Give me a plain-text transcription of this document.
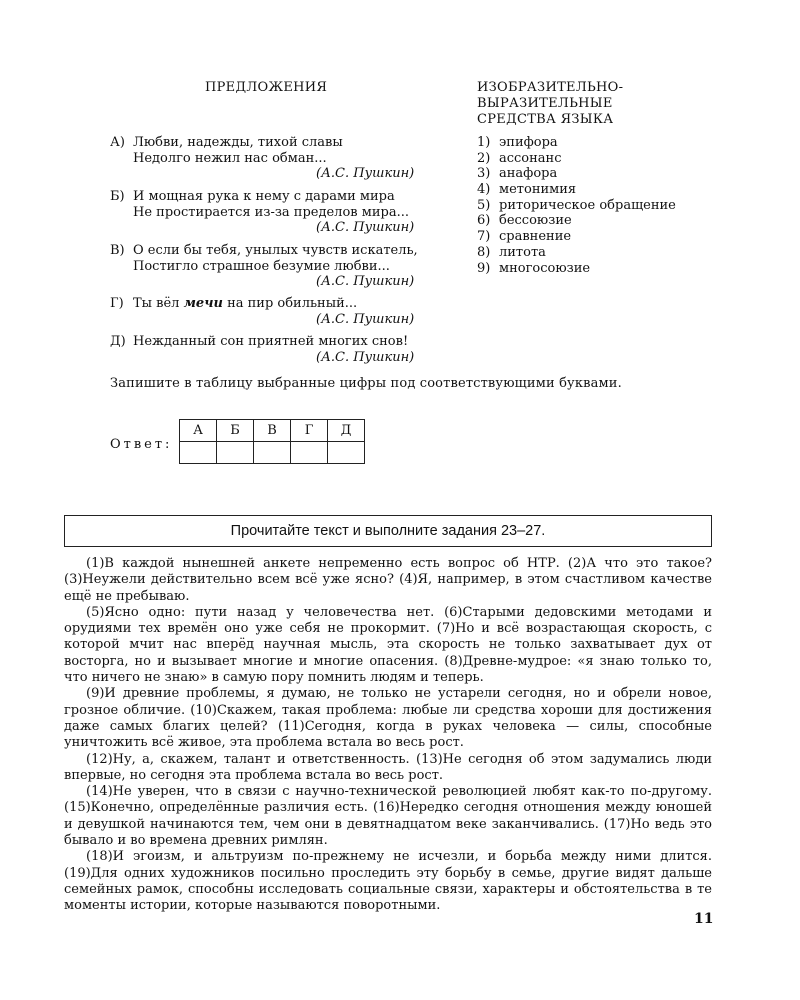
ПРЕДЛОЖЕНИЯ	ИЗОБРАЗИТЕЛЬНО-
ВЫРАЗИТЕЛЬНЫЕ
СРЕДСТВА ЯЗЫКА
А) Любви, надежды, тихой славы
Недолго нежил нас обман...
(А.С. Пушкин)
Б) И мощная рука к нему с дарами мира
Не простирается из-за пределов мира...
(А.С. Пушкин)
В) О если бы тебя, унылых чувств искатель,
Постигло страшное безумие любви...
(А.С. Пушкин)
Г) Ты вёл мечи на пир обильный...
(А.С. Пушкин)
Д) Нежданный сон приятней многих снов!
(А.С. Пушкин)
1) эпифора
2) ассонанс
3) анафора
4) метонимия
5) риторическое обращение
6) бессоюзие
7) сравнение
8) литота
9) многосоюзие
Запишите в таблицу выбранные цифры под соответствующими буквами.
Ответ:
А	Б	В	Г	Д

Прочитайте текст и выполните задания 23–27.

(1)В каждой нынешней анкете непременно есть вопрос об НТР. (2)А что это такое? (3)Неужели действительно всем всё уже ясно? (4)Я, например, в этом счастливом качестве ещё не пребываю.

(5)Ясно одно: пути назад у человечества нет. (6)Старыми дедовскими методами и орудиями тех времён оно уже себя не прокормит. (7)Но и всё возрастающая скорость, с которой мчит нас вперёд научная мысль, эта скорость не только захватывает дух от восторга, но и вызывает многие и многие опасения. (8)Древне-мудрое: «я знаю только то, что ничего не знаю» в самую пору помнить людям и теперь.

(9)И древние проблемы, я думаю, не только не устарели сегодня, но и обрели новое, грозное обличие. (10)Скажем, такая проблема: любые ли средства хороши для достижения даже самых благих целей? (11)Сегодня, когда в руках человека — силы, способные уничтожить всё живое, эта проблема встала во весь рост.

(12)Ну, а, скажем, талант и ответственность. (13)Не сегодня об этом задумались люди впервые, но сегодня эта проблема встала во весь рост.

(14)Не уверен, что в связи с научно-технической революцией любят как-то по-другому. (15)Конечно, определённые различия есть. (16)Нередко сегодня отношения между юношей и девушкой начинаются тем, чем они в девятнадцатом веке заканчивались. (17)Но ведь это бывало и во времена древних римлян.

(18)И эгоизм, и альтруизм по-прежнему не исчезли, и борьба между ними длится. (19)Для одних художников посильно проследить эту борьбу в семье, другие видят дальше семейных рамок, способны исследовать социальные связи, характеры и обстоятельства в те моменты истории, которые называются поворотными.

11
